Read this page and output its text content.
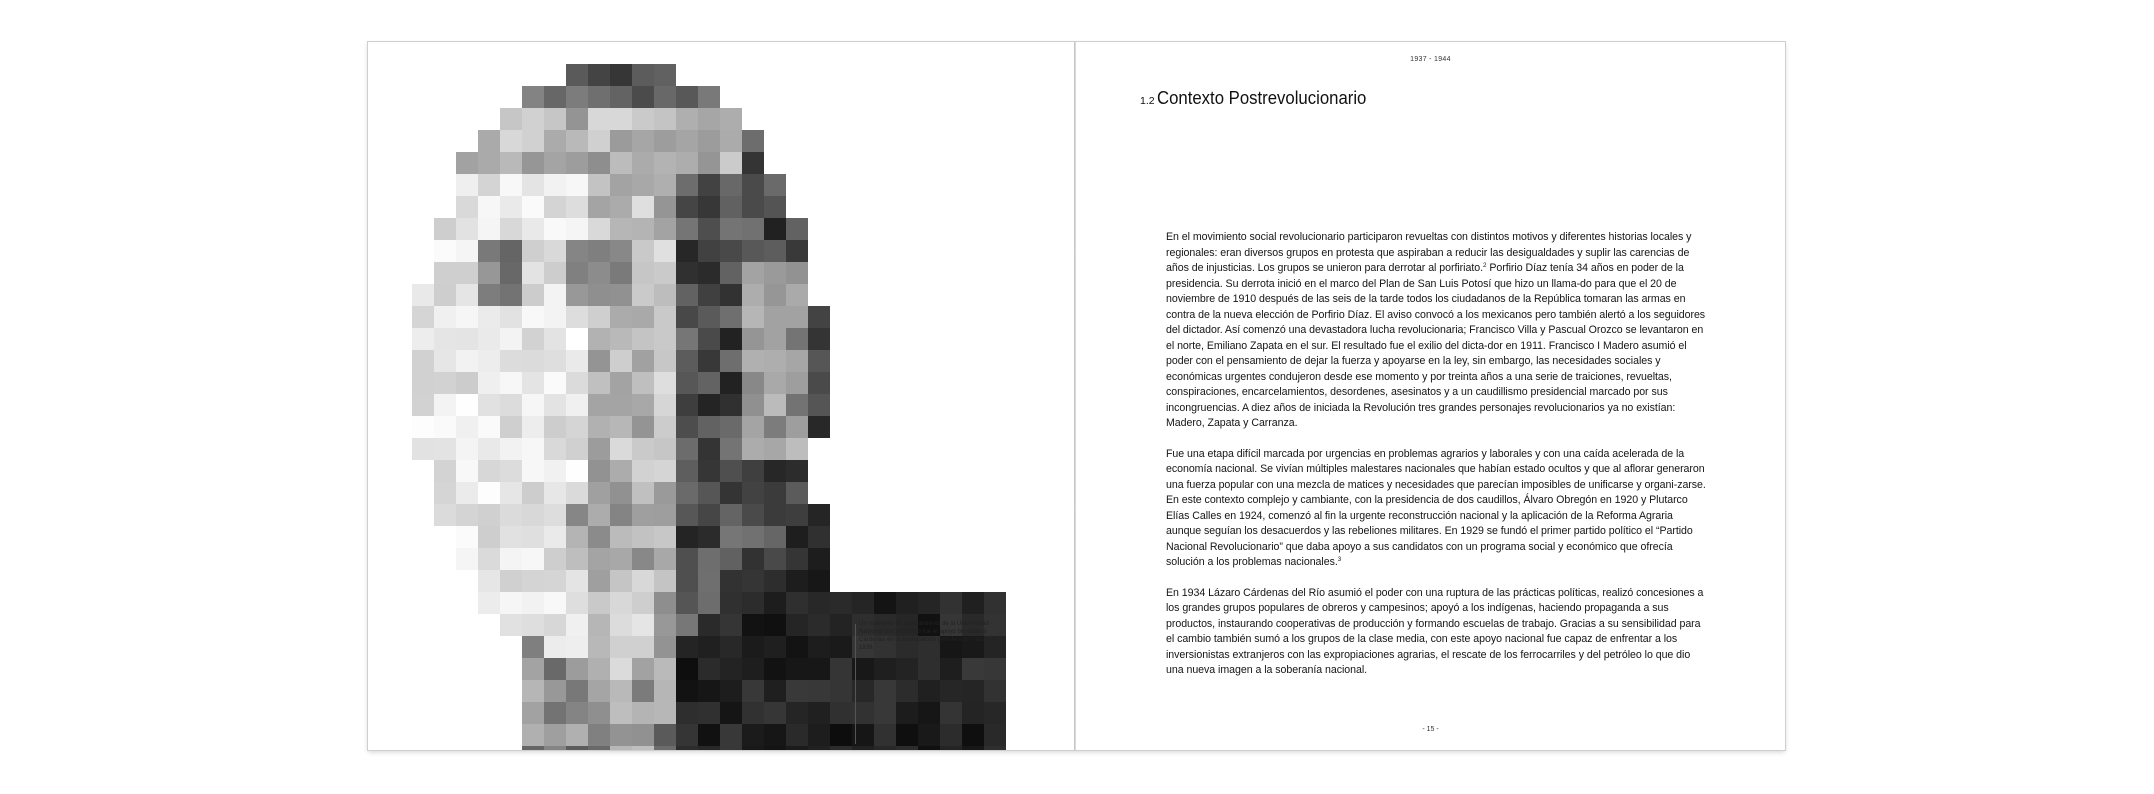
Un momento de acercamiento de la Universidad Nacional con el Estado fue el apoyo brindado a Cárdenas en la expropiación petrolera en marzo de 1938.
1937 - 1944
1.2 Contexto Postrevolucionario

En el movimiento social revolucionario participaron revueltas con distintos motivos y diferentes historias locales y regionales: eran diversos grupos en protesta que aspiraban a reducir las desigualdades y suplir las carencias de años de injusticias. Los grupos se unieron para derrotar al porfiriato.$^2$ Porfirio Díaz tenía 34 años en poder de la presidencia. Su derrota inició en el marco del Plan de San Luis Potosí que hizo un llama-do para que el 20 de noviembre de 1910 después de las seis de la tarde todos los ciudadanos de la República tomaran las armas en contra de la nueva elección de Porfirio Díaz. El aviso convocó a los mexicanos pero también alertó a los seguidores del dictador. Así comenzó una devastadora lucha revolucionaria; Francisco Villa y Pascual Orozco se levantaron en el norte, Emiliano Zapata en el sur. El resultado fue el exilio del dicta-dor en 1911. Francisco I Madero asumió el poder con el pensamiento de dejar la fuerza y apoyarse en la ley, sin embargo, las necesidades sociales y económicas urgentes condujeron desde ese momento y por treinta años a una serie de traiciones, revueltas, conspiraciones, encarcelamientos, desordenes, asesinatos y a un caudillismo presidencial marcado por sus incongruencias. A diez años de iniciada la Revolución tres grandes personajes revolucionarios ya no existían: Madero, Zapata y Carranza.

Fue una etapa difícil marcada por urgencias en problemas agrarios y laborales y con una caída acelerada de la economía nacional. Se vivían múltiples malestares nacionales que habían estado ocultos y que al aflorar generaron una fuerza popular con una mezcla de matices y necesidades que parecían imposibles de unificarse y organi-zarse. En este contexto complejo y cambiante, con la presidencia de dos caudillos, Álvaro Obregón en 1920 y Plutarco Elías Calles en 1924, comenzó al fin la urgente reconstrucción nacional y la aplicación de la Reforma Agraria aunque seguían los desacuerdos y las rebeliones militares. En 1929 se fundó el primer partido político el “Partido Nacional Revolucionario” que daba apoyo a sus candidatos con un programa social y económico que ofrecía solución a los problemas nacionales.$^3$

En 1934 Lázaro Cárdenas del Río asumió el poder con una ruptura de las prácticas políticas, realizó concesiones a los grandes grupos populares de obreros y campesinos; apoyó a los indígenas, haciendo propaganda a sus productos, instaurando cooperativas de producción y formando escuelas de trabajo. Gracias a su sensibilidad para el cambio también sumó a los grupos de la clase media, con este apoyo nacional fue capaz de enfrentar a los inversionistas extranjeros con las expropiaciones agrarias, el rescate de los ferrocarriles y del petróleo lo que dio una nueva imagen a la soberanía nacional.

- 15 -
